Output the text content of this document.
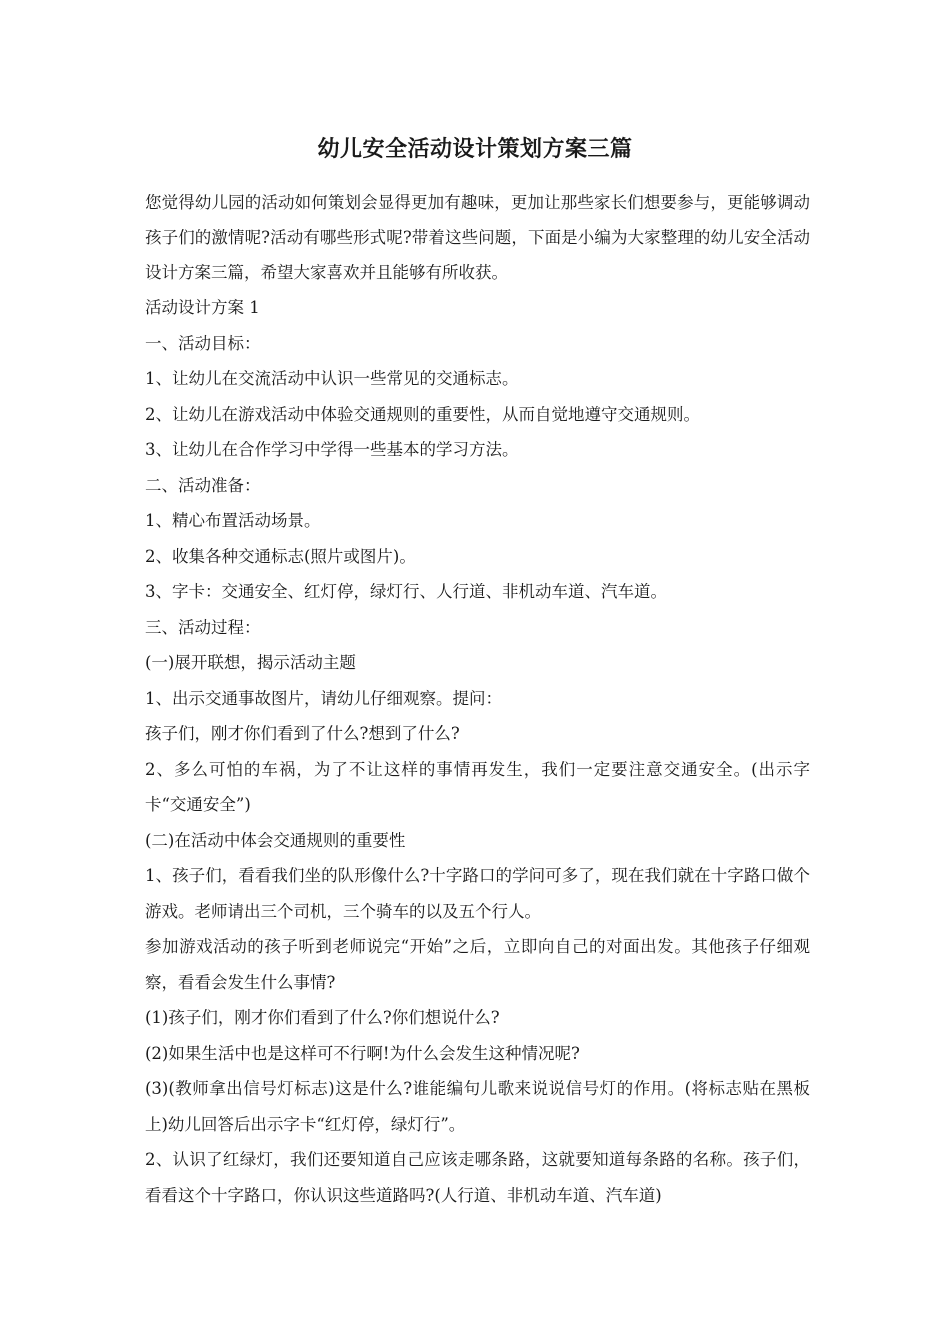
幼儿安全活动设计策划方案三篇

您觉得幼儿园的活动如何策划会显得更加有趣味，更加让那些家长们想要参与，更能够调动孩子们的激情呢?活动有哪些形式呢?带着这些问题，下面是小编为大家整理的幼儿安全活动设计方案三篇，希望大家喜欢并且能够有所收获。

活动设计方案 1

一、活动目标：

1、让幼儿在交流活动中认识一些常见的交通标志。

2、让幼儿在游戏活动中体验交通规则的重要性，从而自觉地遵守交通规则。

3、让幼儿在合作学习中学得一些基本的学习方法。

二、活动准备：

1、精心布置活动场景。

2、收集各种交通标志(照片或图片)。

3、字卡：交通安全、红灯停，绿灯行、人行道、非机动车道、汽车道。

三、活动过程：

(一)展开联想，揭示活动主题

1、出示交通事故图片，请幼儿仔细观察。提问：

孩子们，刚才你们看到了什么?想到了什么?

2、多么可怕的车祸，为了不让这样的事情再发生，我们一定要注意交通安全。(出示字卡“交通安全”)

(二)在活动中体会交通规则的重要性

1、孩子们，看看我们坐的队形像什么?十字路口的学问可多了，现在我们就在十字路口做个游戏。老师请出三个司机，三个骑车的以及五个行人。

参加游戏活动的孩子听到老师说完“开始”之后，立即向自己的对面出发。其他孩子仔细观察，看看会发生什么事情?

(1)孩子们，刚才你们看到了什么?你们想说什么?

(2)如果生活中也是这样可不行啊!为什么会发生这种情况呢?

(3)(教师拿出信号灯标志)这是什么?谁能编句儿歌来说说信号灯的作用。(将标志贴在黑板上)幼儿回答后出示字卡“红灯停，绿灯行”。

2、认识了红绿灯，我们还要知道自己应该走哪条路，这就要知道每条路的名称。孩子们，看看这个十字路口，你认识这些道路吗?(人行道、非机动车道、汽车道)
